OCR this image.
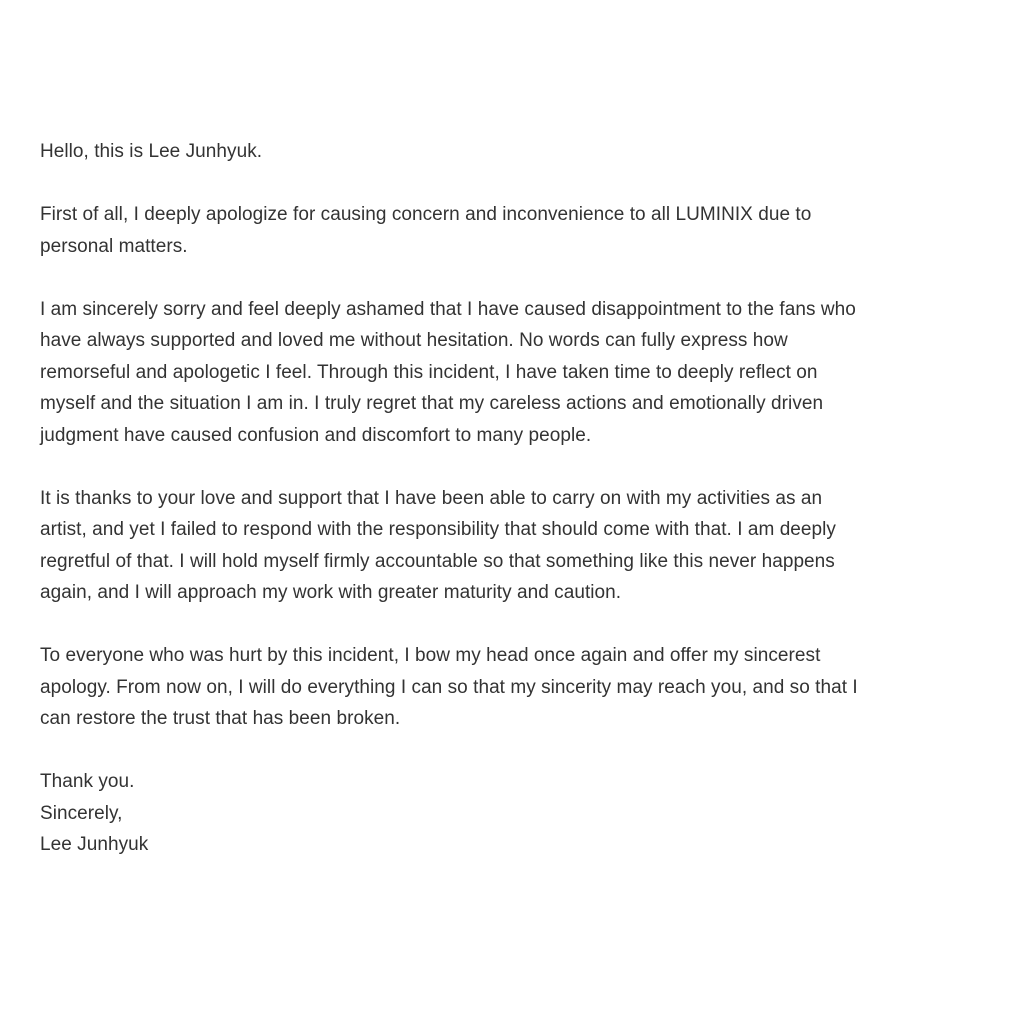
Hello, this is Lee Junhyuk.

First of all, I deeply apologize for causing concern and inconvenience to all LUMINIX due to
personal matters.

I am sincerely sorry and feel deeply ashamed that I have caused disappointment to the fans who
have always supported and loved me without hesitation. No words can fully express how
remorseful and apologetic I feel. Through this incident, I have taken time to deeply reflect on
myself and the situation I am in. I truly regret that my careless actions and emotionally driven
judgment have caused confusion and discomfort to many people.

It is thanks to your love and support that I have been able to carry on with my activities as an
artist, and yet I failed to respond with the responsibility that should come with that. I am deeply
regretful of that. I will hold myself firmly accountable so that something like this never happens
again, and I will approach my work with greater maturity and caution.

To everyone who was hurt by this incident, I bow my head once again and offer my sincerest
apology. From now on, I will do everything I can so that my sincerity may reach you, and so that I
can restore the trust that has been broken.

Thank you.
Sincerely,
Lee Junhyuk
